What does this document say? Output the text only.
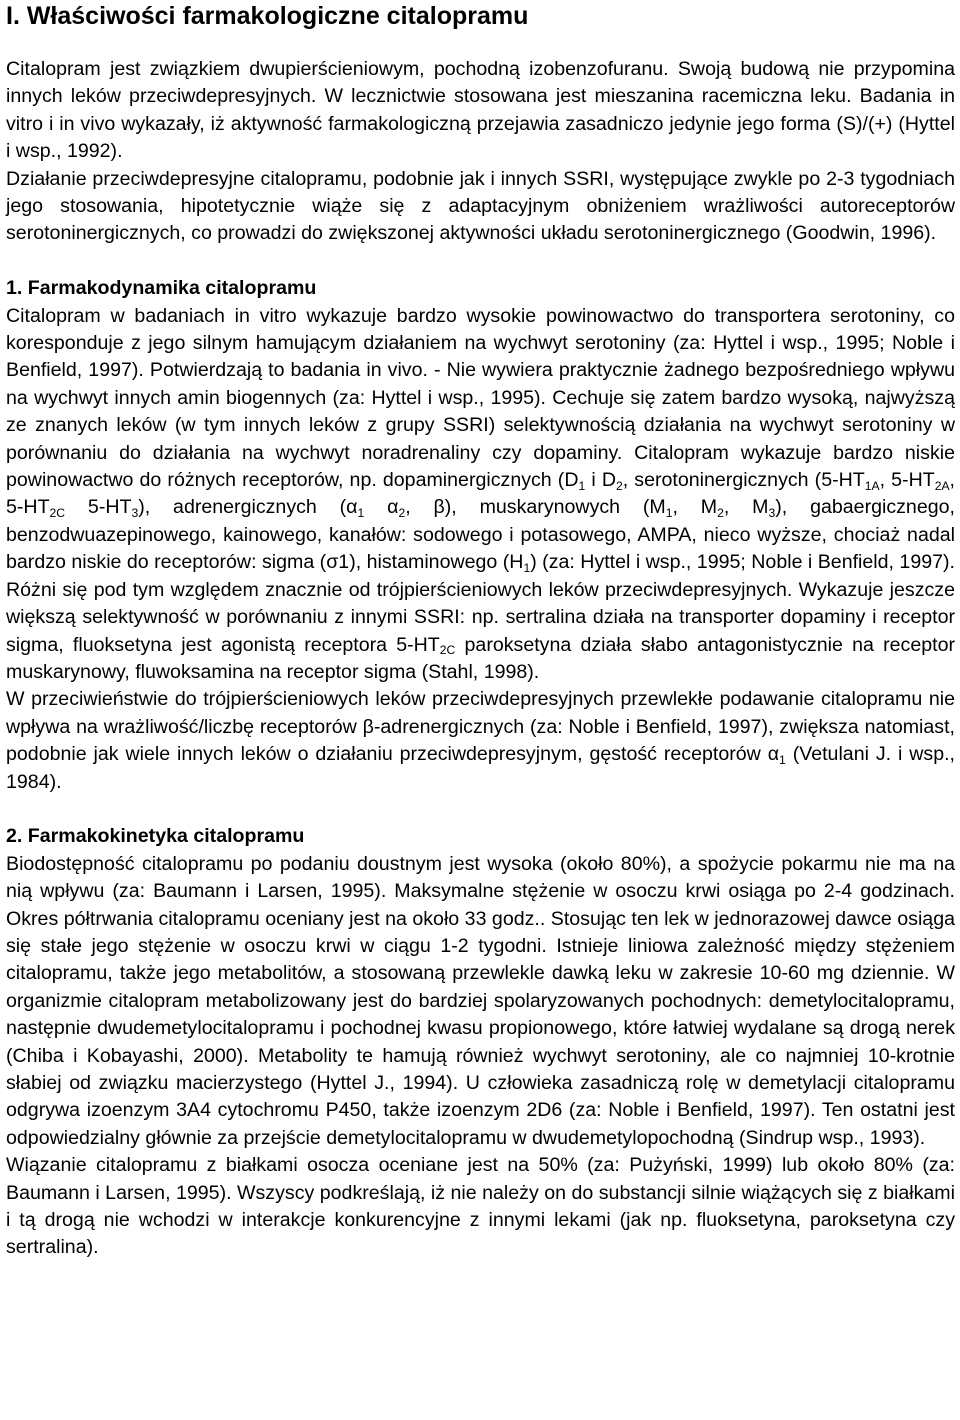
I. Właściwości farmakologiczne citalopramu

Citalopram jest związkiem dwupierścieniowym, pochodną izobenzofuranu. Swoją budową nie przypomina innych leków przeciwdepresyjnych. W lecznictwie stosowana jest mieszanina racemiczna leku. Badania in vitro i in vivo wykazały, iż aktywność farmakologiczną przejawia zasadniczo jedynie jego forma (S)/(+) (Hyttel i wsp., 1992).

Działanie przeciwdepresyjne citalopramu, podobnie jak i innych SSRI, występujące zwykle po 2-3 tygodniach jego stosowania, hipotetycznie wiąże się z adaptacyjnym obniżeniem wrażliwości autoreceptorów serotoninergicznych, co prowadzi do zwiększonej aktywności układu serotoninergicznego (Goodwin, 1996).

1. Farmakodynamika citalopramu

Citalopram w badaniach in vitro wykazuje bardzo wysokie powinowactwo do transportera serotoniny, co koresponduje z jego silnym hamującym działaniem na wychwyt serotoniny (za: Hyttel i wsp., 1995; Noble i Benfield, 1997). Potwierdzają to badania in vivo. - Nie wywiera praktycznie żadnego bezpośredniego wpływu na wychwyt innych amin biogennych (za: Hyttel i wsp., 1995). Cechuje się zatem bardzo wysoką, najwyższą ze znanych leków (w tym innych leków z grupy SSRI) selektywnością działania na wychwyt serotoniny w porównaniu do działania na wychwyt noradrenaliny czy dopaminy. Citalopram wykazuje bardzo niskie powinowactwo do różnych receptorów, np. dopaminergicznych ($D_1$ i $D_2$, serotoninergicznych ($5-HT_{1A}$, $5-HT_{2A}$, $5-HT_{2C}$ $5-HT_3$), adrenergicznych ($\alpha_1$ $\alpha_2$, β), muskarynowych ($M_1$, $M_2$, $M_3$), gabaergicznego, benzodwuazepinowego, kainowego, kanałów: sodowego i potasowego, AMPA, nieco wyższe, chociaż nadal bardzo niskie do receptorów: sigma (σ1), histaminowego $(H_1)$ (za: Hyttel i wsp., 1995; Noble i Benfield, 1997). Różni się pod tym względem znacznie od trójpierścieniowych leków przeciwdepresyjnych. Wykazuje jeszcze większą selektywność w porównaniu z innymi SSRI: np. sertralina działa na transporter dopaminy i receptor sigma, fluoksetyna jest agonistą receptora $5-HT_{2C}$ paroksetyna działa słabo antagonistycznie na receptor muskarynowy, fluwoksamina na receptor sigma (Stahl, 1998).

W przeciwieństwie do trójpierścieniowych leków przeciwdepresyjnych przewlekłe podawanie citalopramu nie wpływa na wrażliwość/liczbę receptorów β-adrenergicznych (za: Noble i Benfield, 1997), zwiększa natomiast, podobnie jak wiele innych leków o działaniu przeciwdepresyjnym, gęstość receptorów $\alpha_1$ (Vetulani J. i wsp., 1984).

2. Farmakokinetyka citalopramu

Biodostępność citalopramu po podaniu doustnym jest wysoka (około 80%), a spożycie pokarmu nie ma na nią wpływu (za: Baumann i Larsen, 1995). Maksymalne stężenie w osoczu krwi osiąga po 2-4 godzinach. Okres półtrwania citalopramu oceniany jest na około 33 godz.. Stosując ten lek w jednorazowej dawce osiąga się stałe jego stężenie w osoczu krwi w ciągu 1-2 tygodni. Istnieje liniowa zależność między stężeniem citalopramu, także jego metabolitów, a stosowaną przewlekle dawką leku w zakresie 10-60 mg dziennie. W organizmie citalopram metabolizowany jest do bardziej spolaryzowanych pochodnych: demetylocitalopramu, następnie dwudemetylocitalopramu i pochodnej kwasu propionowego, które łatwiej wydalane są drogą nerek (Chiba i Kobayashi, 2000). Metabolity te hamują również wychwyt serotoniny, ale co najmniej 10-krotnie słabiej od związku macierzystego (Hyttel J., 1994). U człowieka zasadniczą rolę w demetylacji citalopramu odgrywa izoenzym 3A4 cytochromu P450, także izoenzym 2D6 (za: Noble i Benfield, 1997). Ten ostatni jest odpowiedzialny głównie za przejście demetylocitalopramu w dwudemetylopochodną (Sindrup wsp., 1993).

Wiązanie citalopramu z białkami osocza oceniane jest na 50% (za: Pużyński, 1999) lub około 80% (za: Baumann i Larsen, 1995). Wszyscy podkreślają, iż nie należy on do substancji silnie wiążących się z białkami i tą drogą nie wchodzi w interakcje konkurencyjne z innymi lekami (jak np. fluoksetyna, paroksetyna czy sertralina).
